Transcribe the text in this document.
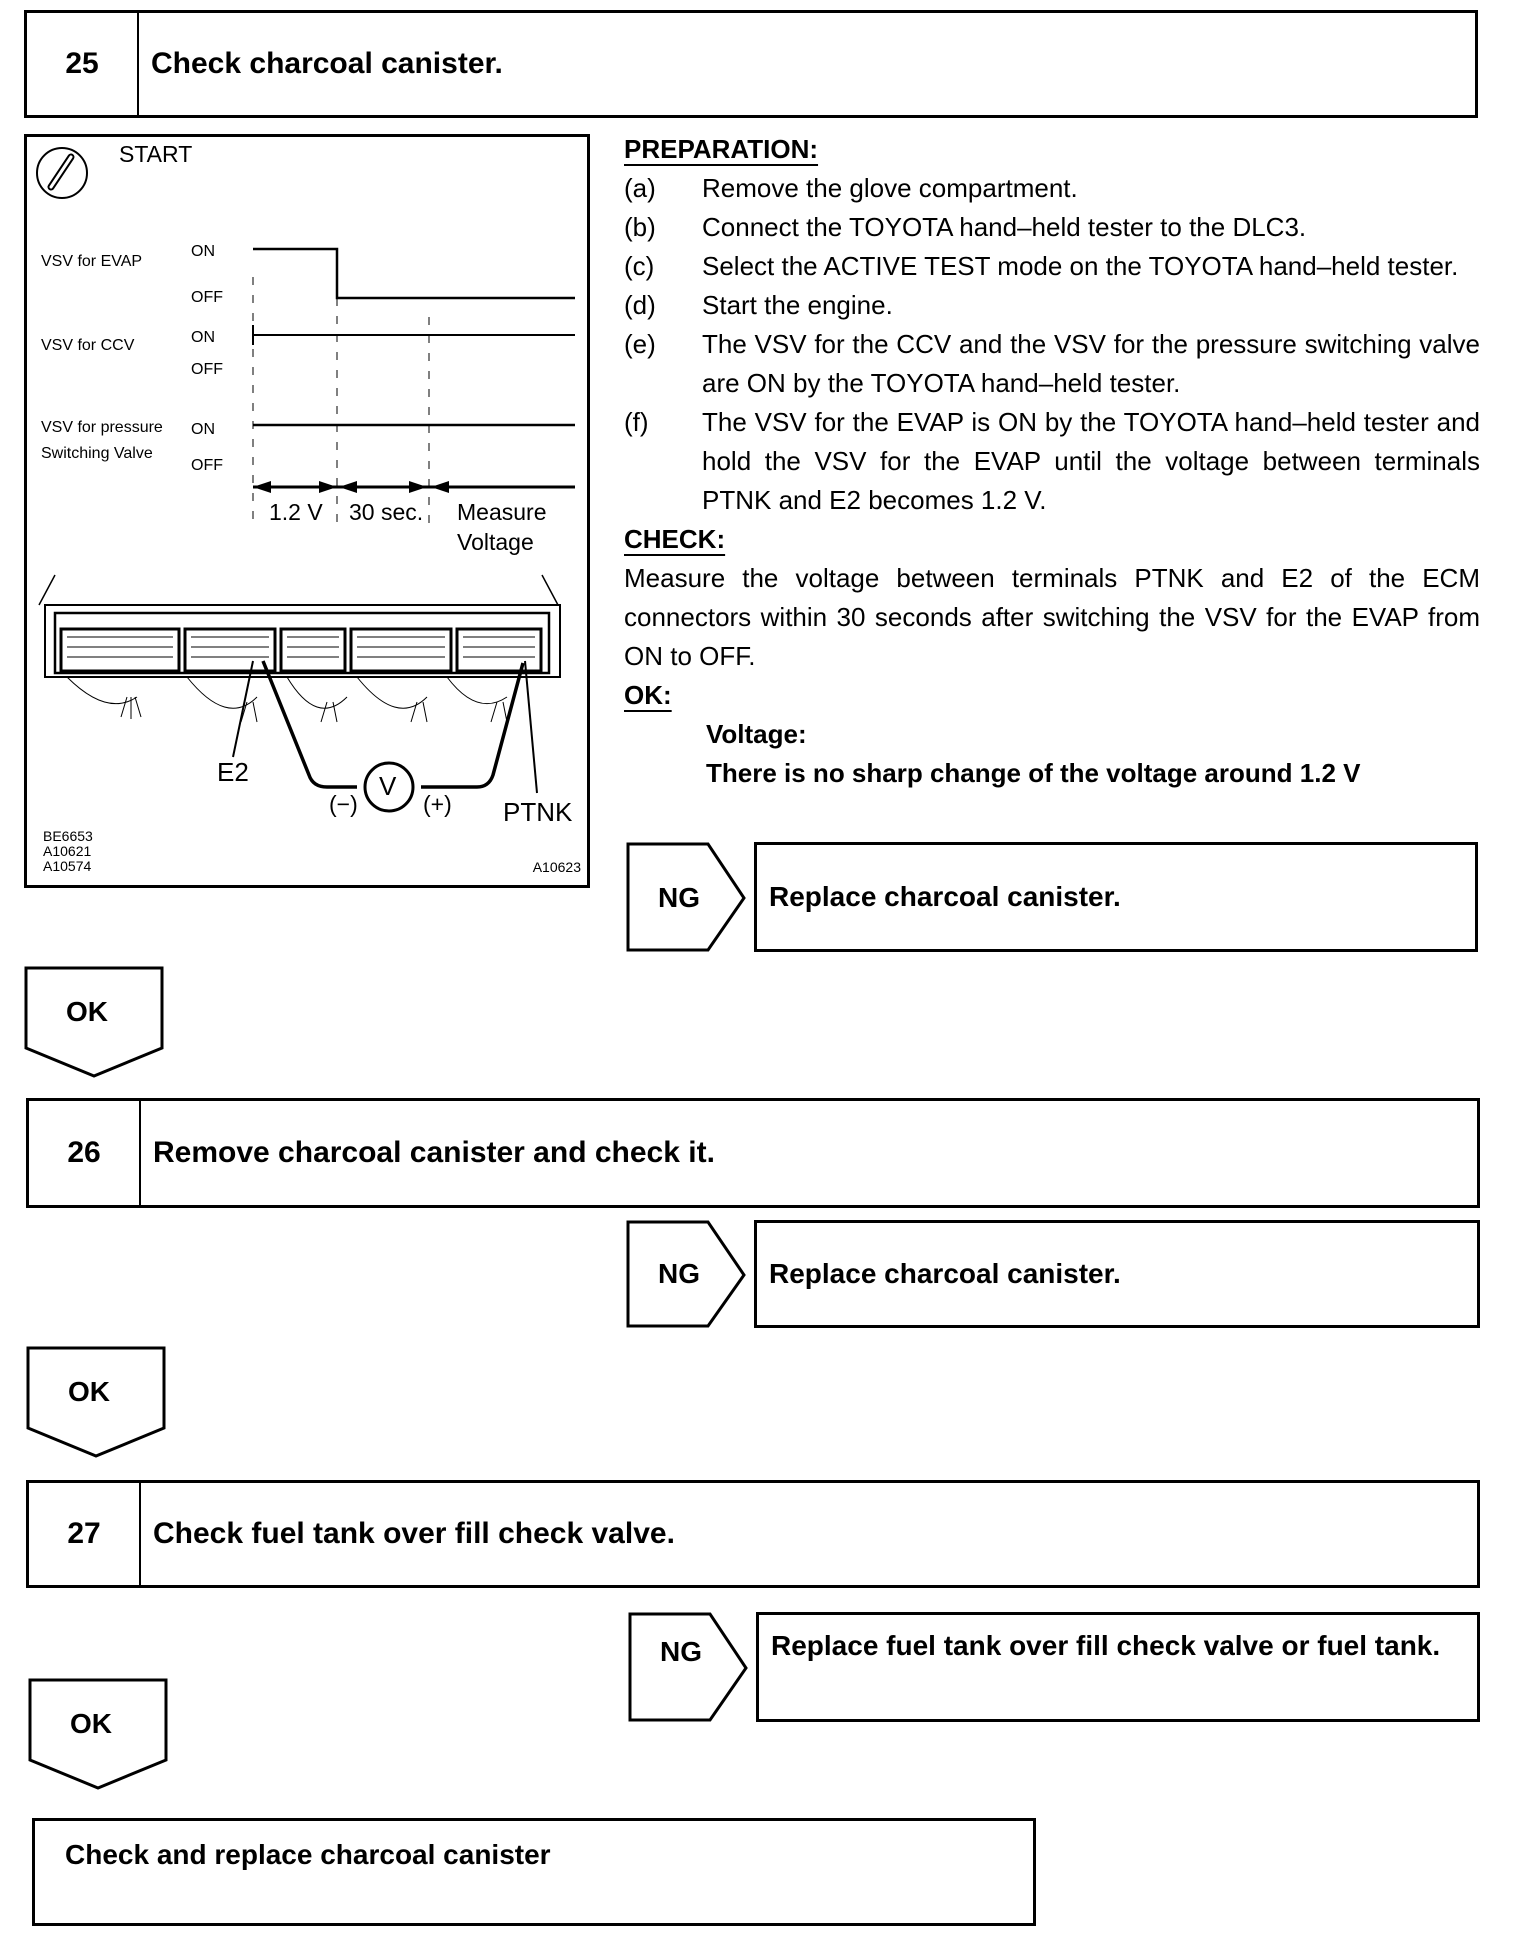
25	Check charcoal canister.
START
VSV for EVAP
ON
OFF
VSV for CCV	ON
OFF
VSV for pressure
Switching Valve
ON
OFF
1.2 V 30 sec. Measure
Voltage
E2
(−)
V
(+) PTNK
BE6653
A10621
A10574	A10623
PREPARATION:
(a)	Remove the glove compartment.
(b)	Connect the TOYOTA hand–held tester to the DLC3.
(c)	Select the ACTIVE TEST mode on the TOYOTA hand–held tester.
(d)	Start the engine.
(e)	The VSV for the CCV and the VSV for the pressure switching valve are ON by the TOYOTA hand–held tester.
(f)	The VSV for the EVAP is ON by the TOYOTA hand–held tester and hold the VSV for the EVAP until the voltage between terminals PTNK and E2 becomes 1.2 V.
CHECK:
Measure the voltage between terminals PTNK and E2 of the ECM connectors within 30 seconds after switching the VSV for the EVAP from ON to OFF.
OK:
Voltage:
There is no sharp change of the voltage around 1.2 V
NG	Replace charcoal canister.
OK
26	Remove charcoal canister and check it.
NG	Replace charcoal canister.
OK
27	Check fuel tank over fill check valve.
NG	Replace fuel tank over fill check valve or fuel tank.
OK
Check and replace charcoal canister
